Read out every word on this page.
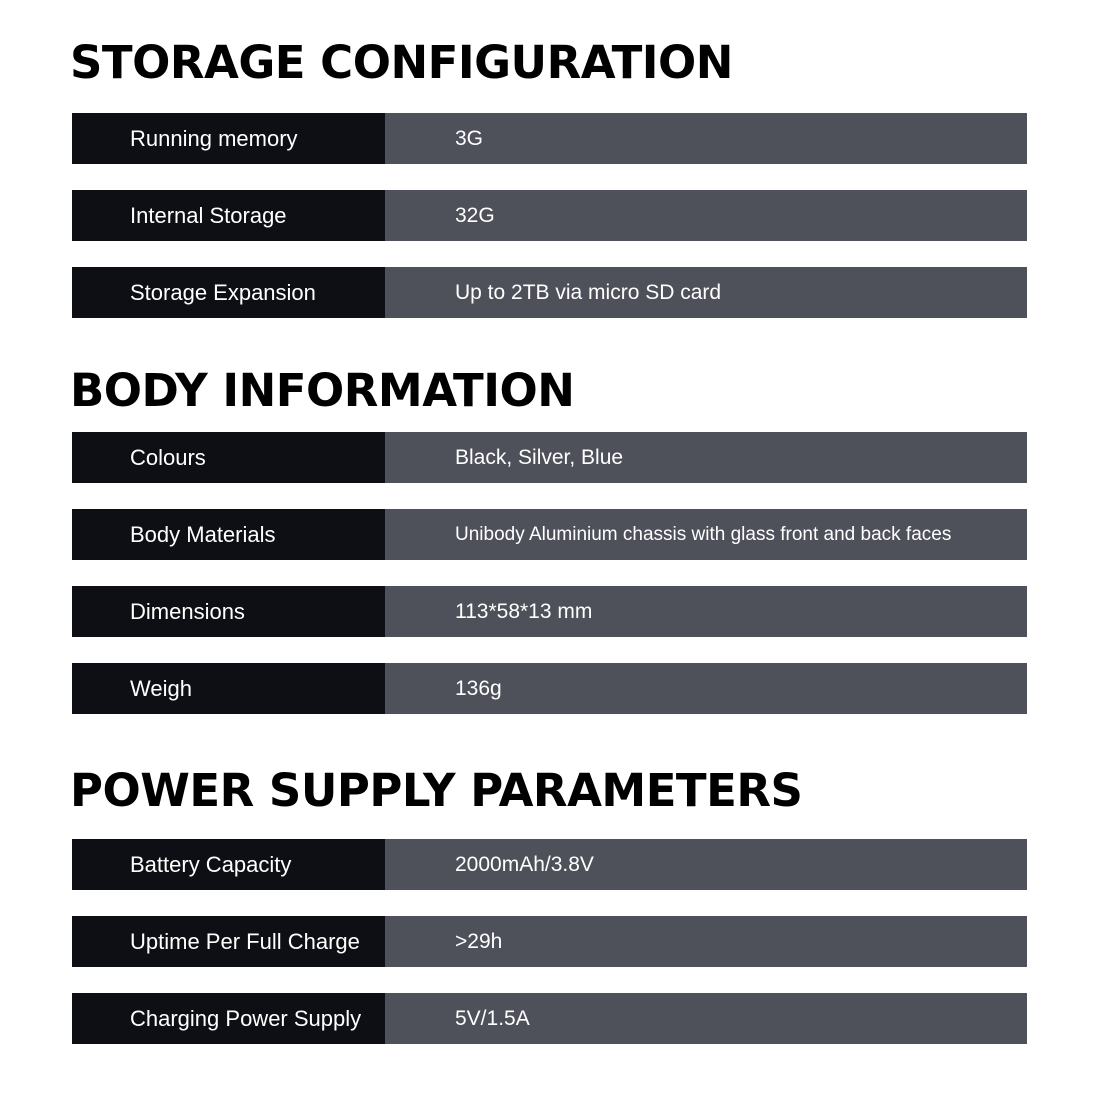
STORAGE CONFIGURATION
Running memory	3G
Internal Storage	32G
Storage Expansion	Up to 2TB via micro SD card
BODY INFORMATION
Colours	Black, Silver, Blue
Body Materials	Unibody Aluminium chassis with glass front and back faces
Dimensions	113*58*13 mm
Weigh	136g
POWER SUPPLY PARAMETERS
Battery Capacity	2000mAh/3.8V
Uptime Per Full Charge	>29h
Charging Power Supply	5V/1.5A
